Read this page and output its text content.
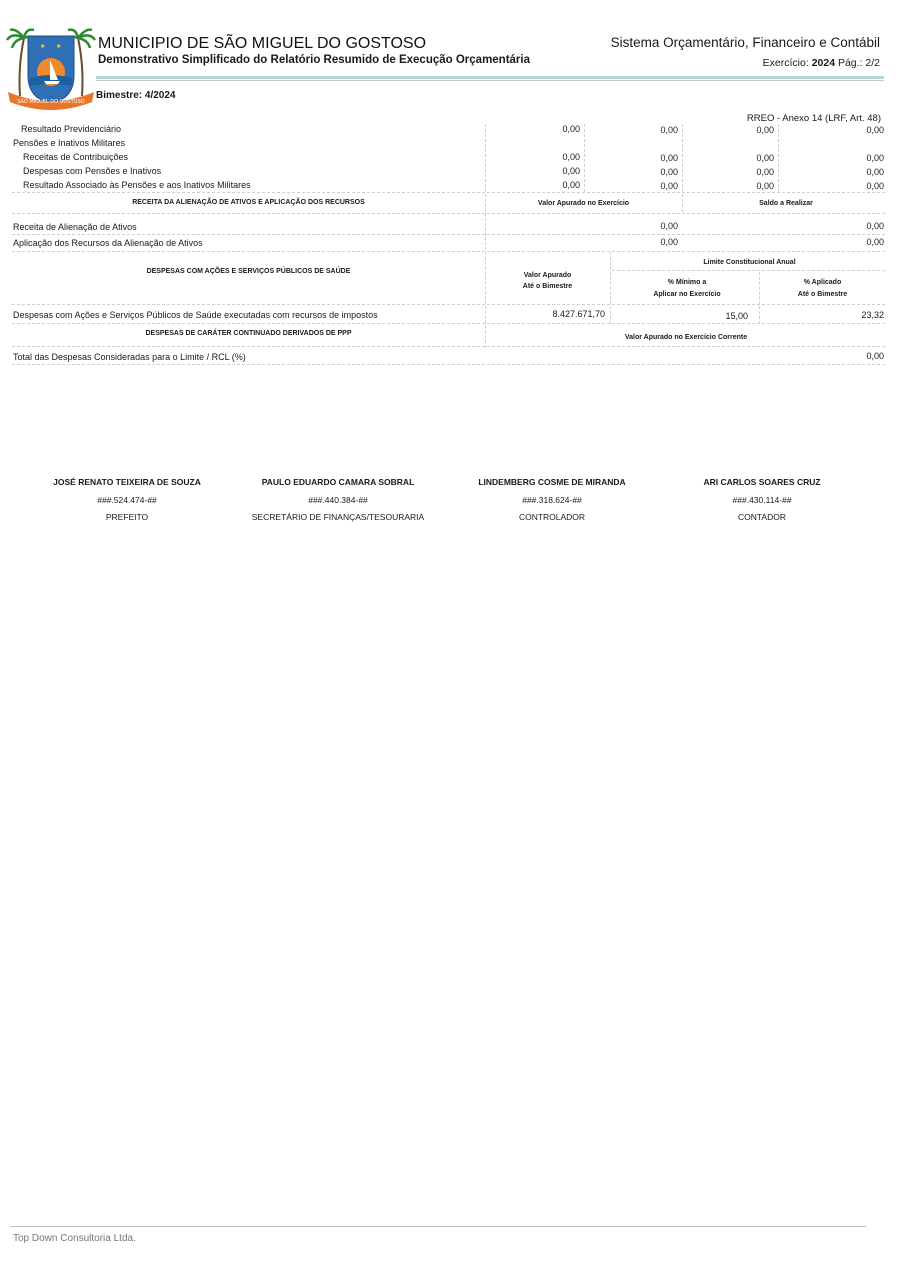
★ ★
SÃO MIGUEL DO GOSTOSO
MUNICIPIO DE SÃO MIGUEL DO GOSTOSO
Demonstrativo Simplificado do Relatório Resumido de Execução Orçamentária
Sistema Orçamentário, Financeiro e Contábil
Exercício: 2024 Pág.: 2/2
Bimestre: 4/2024
RREO - Anexo 14 (LRF, Art. 48)
Resultado Previdenciário	0,00	0,00	0,00	0,00
Pensões e Inativos Militares
Receitas de Contribuições	0,00	0,00	0,00	0,00
Despesas com Pensões e Inativos	0,00	0,00	0,00	0,00
Resultado Associado às Pensões e aos Inativos Militares	0,00	0,00	0,00	0,00
RECEITA DA ALIENAÇÃO DE ATIVOS E APLICAÇÃO DOS RECURSOS	Valor Apurado no Exercício	Saldo a Realizar
Receita de Alienação de Ativos	0,00	0,00
Aplicação dos Recursos da Alienação de Ativos	0,00	0,00
DESPESAS COM AÇÕES E SERVIÇOS PÚBLICOS DE SAÚDE
Valor Apurado
Até o Bimestre
Limite Constitucional Anual
% Mínimo a
Aplicar no Exercício
% Aplicado
Até o Bimestre
Despesas com Ações e Serviços Públicos de Saúde executadas com recursos de impostos	8.427.671,70	15,00	23,32
DESPESAS DE CARÁTER CONTINUADO DERIVADOS DE PPP
Valor Apurado no Exercício Corrente
Total das Despesas Consideradas para o Limite / RCL (%)	0,00
JOSÉ RENATO TEIXEIRA DE SOUZA
###.524.474-##
PREFEITO
PAULO EDUARDO CAMARA SOBRAL
###.440.384-##
SECRETÁRIO DE FINANÇAS/TESOURARIA
LINDEMBERG COSME DE MIRANDA
###.318.624-##
CONTROLADOR
ARI CARLOS SOARES CRUZ
###.430.114-##
CONTADOR
Top Down Consultoria Ltda.
